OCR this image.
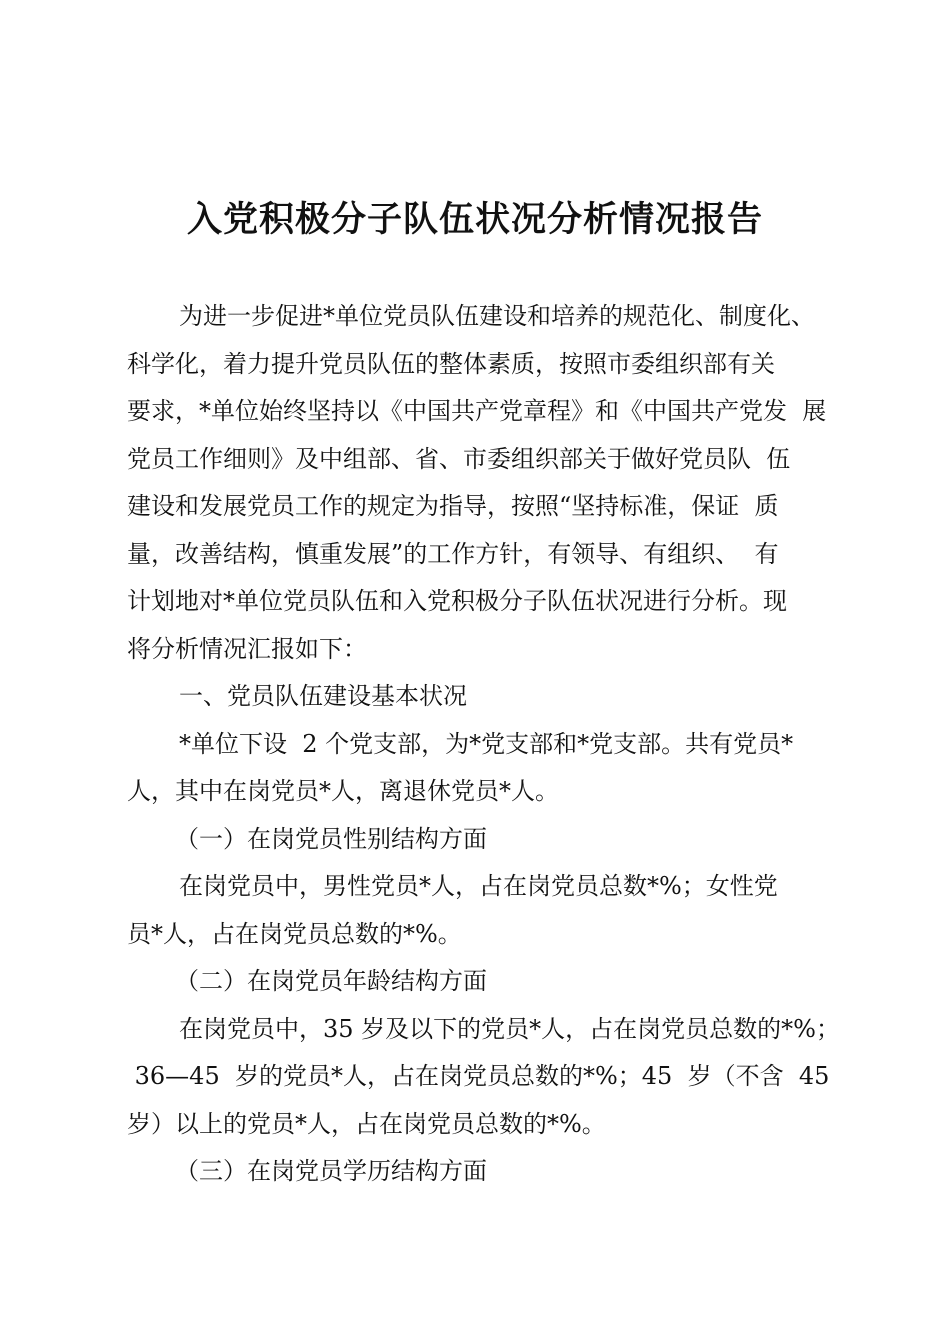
入党积极分子队伍状况分析情况报告

为进一步促进*单位党员队伍建设和培养的规范化、制度化、

科学化，着力提升党员队伍的整体素质，按照市委组织部有关

要求，*单位始终坚持以《中国共产党章程》和《中国共产党发  展

党员工作细则》及中组部、省、市委组织部关于做好党员队  伍

建设和发展党员工作的规定为指导，按照“坚持标准，保证  质

量，改善结构，慎重发展”的工作方针，有领导、有组织、  有

计划地对*单位党员队伍和入党积极分子队伍状况进行分析。现

将分析情况汇报如下：

一、党员队伍建设基本状况

*单位下设  2 个党支部，为*党支部和*党支部。共有党员*

人，其中在岗党员*人，离退休党员*人。

（一）在岗党员性别结构方面

在岗党员中，男性党员*人，占在岗党员总数*%；女性党

员*人，占在岗党员总数的*%。

（二）在岗党员年龄结构方面

在岗党员中，35 岁及以下的党员*人，占在岗党员总数的*%；

36—45  岁的党员*人，占在岗党员总数的*%；45  岁（不含  45

岁）以上的党员*人，占在岗党员总数的*%。

（三）在岗党员学历结构方面
